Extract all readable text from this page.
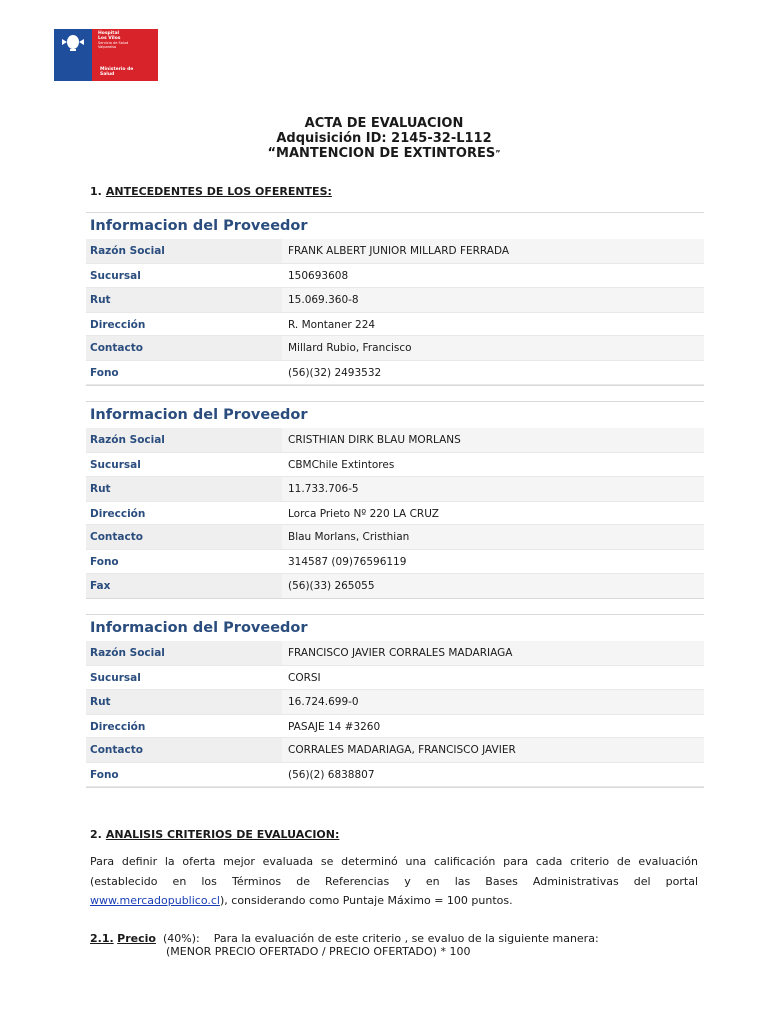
Hospital
Los Vilos
Servicio de Salud
Valparaíso
Ministerio de
Salud
ACTA DE EVALUACION
Adquisición ID: 2145-32-L112
“MANTENCION DE EXTINTORES”
1. ANTECEDENTES DE LOS OFERENTES:
Informacion del Proveedor
Razón Social	FRANK ALBERT JUNIOR MILLARD FERRADA
Sucursal	150693608
Rut	15.069.360-8
Dirección	R. Montaner 224
Contacto	Millard Rubio, Francisco
Fono	(56)(32) 2493532
Informacion del Proveedor
Razón Social	CRISTHIAN DIRK BLAU MORLANS
Sucursal	CBMChile Extintores
Rut	11.733.706-5
Dirección	Lorca Prieto Nº 220 LA CRUZ
Contacto	Blau Morlans, Cristhian
Fono	314587 (09)76596119
Fax	(56)(33) 265055
Informacion del Proveedor
Razón Social	FRANCISCO JAVIER CORRALES MADARIAGA
Sucursal	CORSI
Rut	16.724.699-0
Dirección	PASAJE 14 #3260
Contacto	CORRALES MADARIAGA, FRANCISCO JAVIER
Fono	(56)(2) 6838807
2. ANALISIS CRITERIOS DE EVALUACION:
Para definir la oferta mejor evaluada se determinó una calificación para cada criterio de evaluación (establecido en los Términos de Referencias y en las Bases Administrativas del portal www.mercadopublico.cl), considerando como Puntaje Máximo = 100 puntos.
2.1. Precio (40%): Para la evaluación de este criterio , se evaluo de la siguiente manera:
(MENOR PRECIO OFERTADO / PRECIO OFERTADO) * 100
